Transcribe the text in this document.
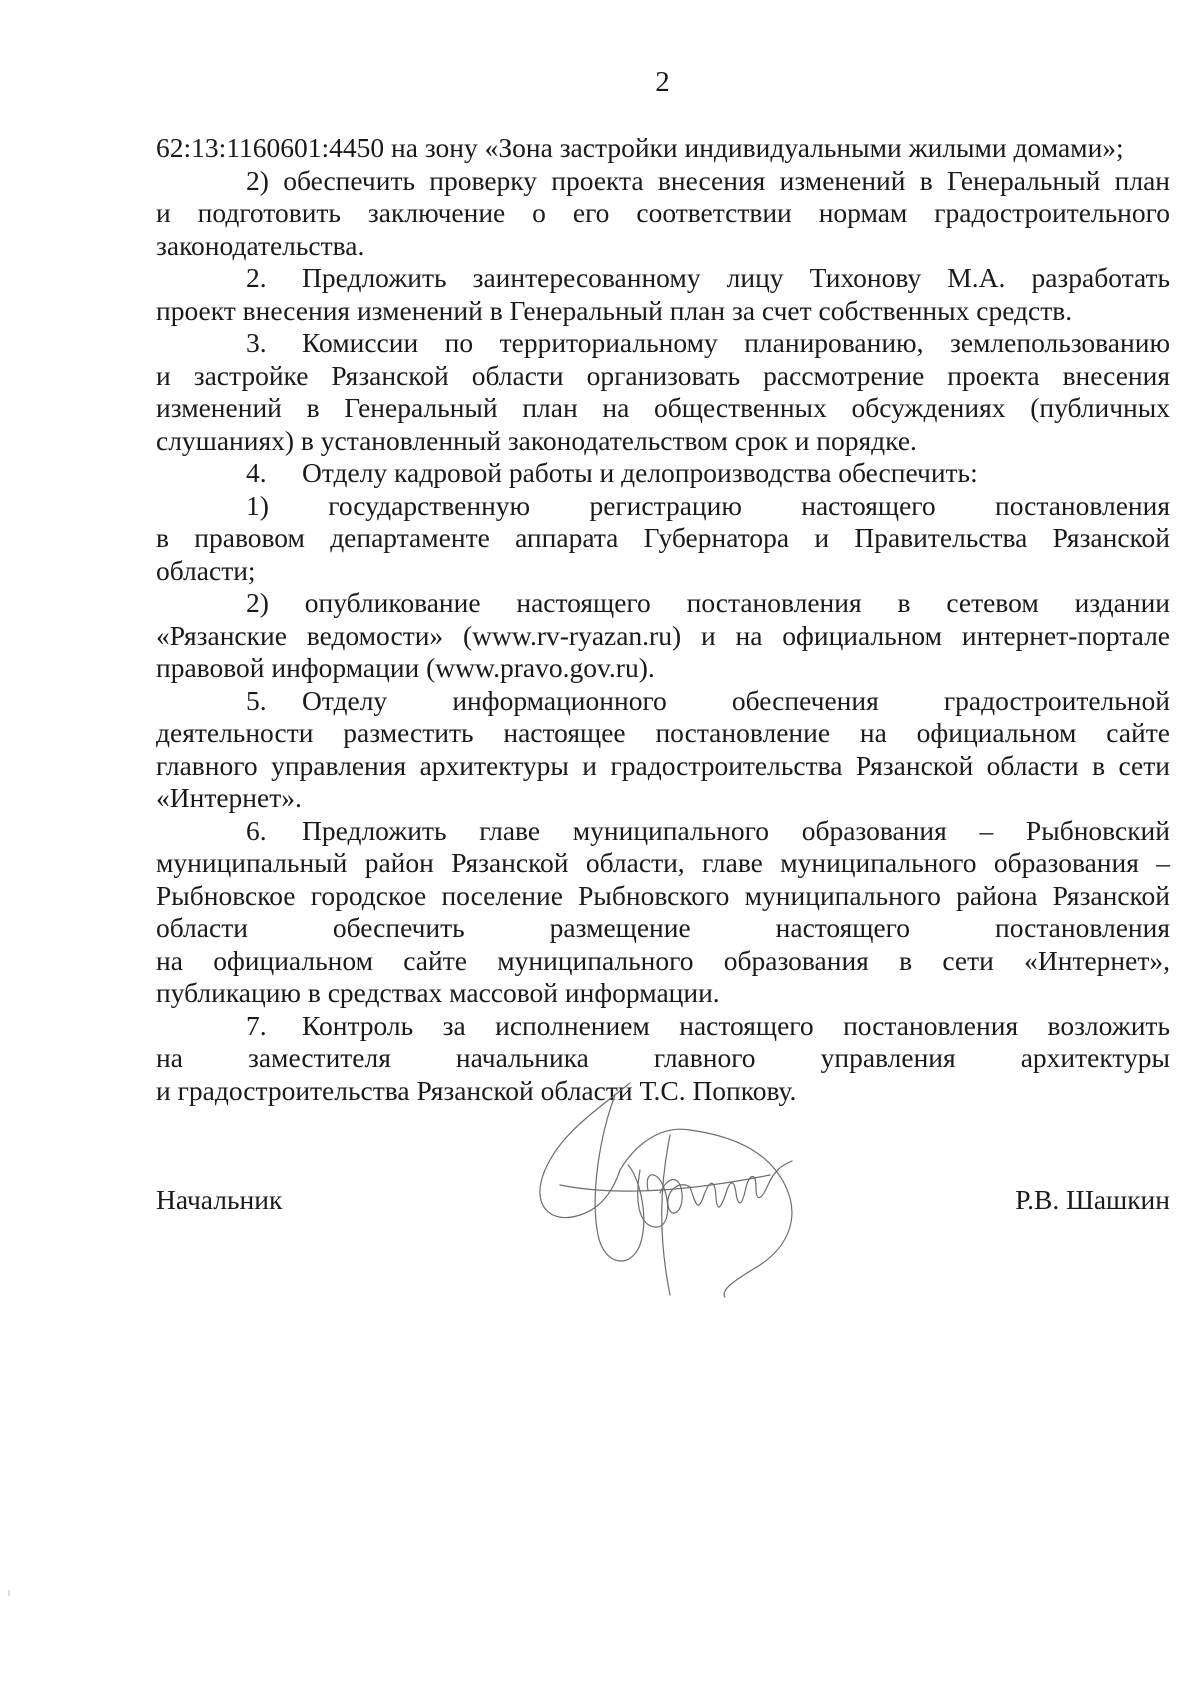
2
62:13:1160601:4450 на зону «Зона застройки индивидуальными жилыми домами»;
2) обеспечить проверку проекта внесения изменений в Генеральный план
и подготовить заключение о его соответствии нормам градостроительного
законодательства.
2. Предложить заинтересованному лицу Тихонову М.А. разработать
проект внесения изменений в Генеральный план за счет собственных средств.
3. Комиссии по территориальному планированию, землепользованию
и застройке Рязанской области организовать рассмотрение проекта внесения
изменений в Генеральный план на общественных обсуждениях (публичных
слушаниях) в установленный законодательством срок и порядке.
4. Отделу кадровой работы и делопроизводства обеспечить:
1) государственную регистрацию настоящего постановления
в правовом департаменте аппарата Губернатора и Правительства Рязанской
области;
2) опубликование настоящего постановления в сетевом издании
«Рязанские ведомости» (www.rv-ryazan.ru) и на официальном интернет-портале
правовой информации (www.pravo.gov.ru).
5. Отделу информационного обеспечения градостроительной
деятельности разместить настоящее постановление на официальном сайте
главного управления архитектуры и градостроительства Рязанской области в сети
«Интернет».
6. Предложить главе муниципального образования – Рыбновский
муниципальный район Рязанской области, главе муниципального образования –
Рыбновское городское поселение Рыбновского муниципального района Рязанской
области обеспечить размещение настоящего постановления
на официальном сайте муниципального образования в сети «Интернет»,
публикацию в средствах массовой информации.
7. Контроль за исполнением настоящего постановления возложить
на заместителя начальника главного управления архитектуры
и градостроительства Рязанской области Т.С. Попкову.
Начальник	Р.В. Шашкин
